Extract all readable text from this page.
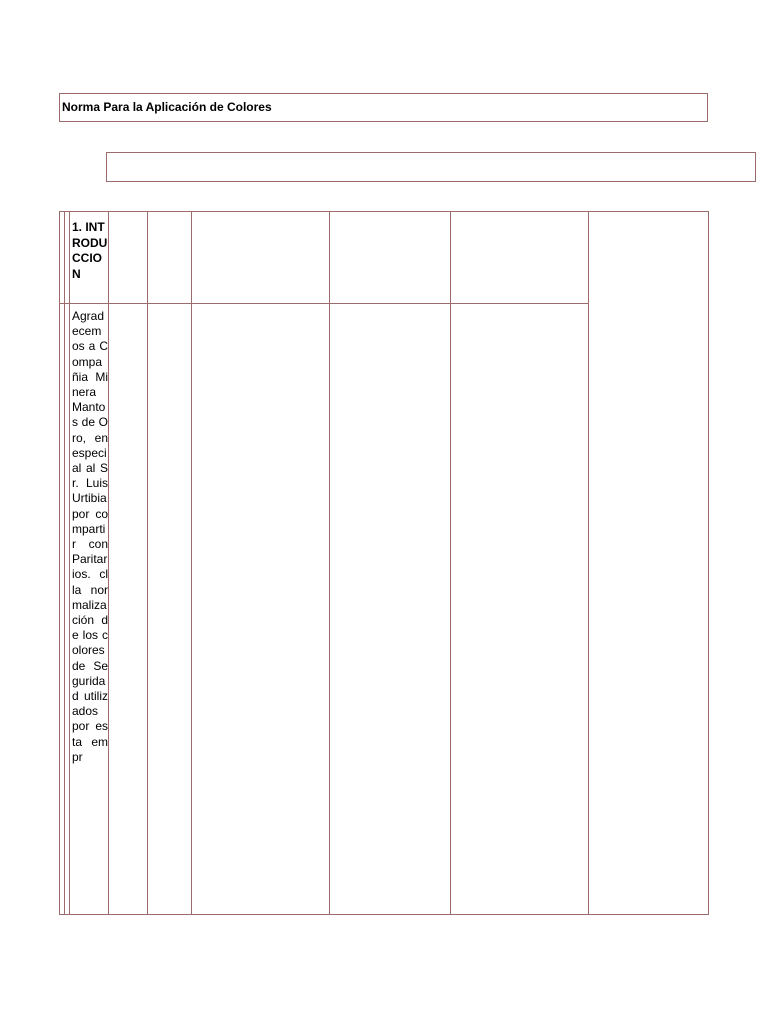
Norma Para la Aplicación de Colores
1. INTRODUCCION
Agradecemos a Compañia Minera Mantos de Oro, en especial al Sr. Luis Urtibia por compartir con Paritarios. cl la normalización de los colores de Seguridad utilizados por esta empr
